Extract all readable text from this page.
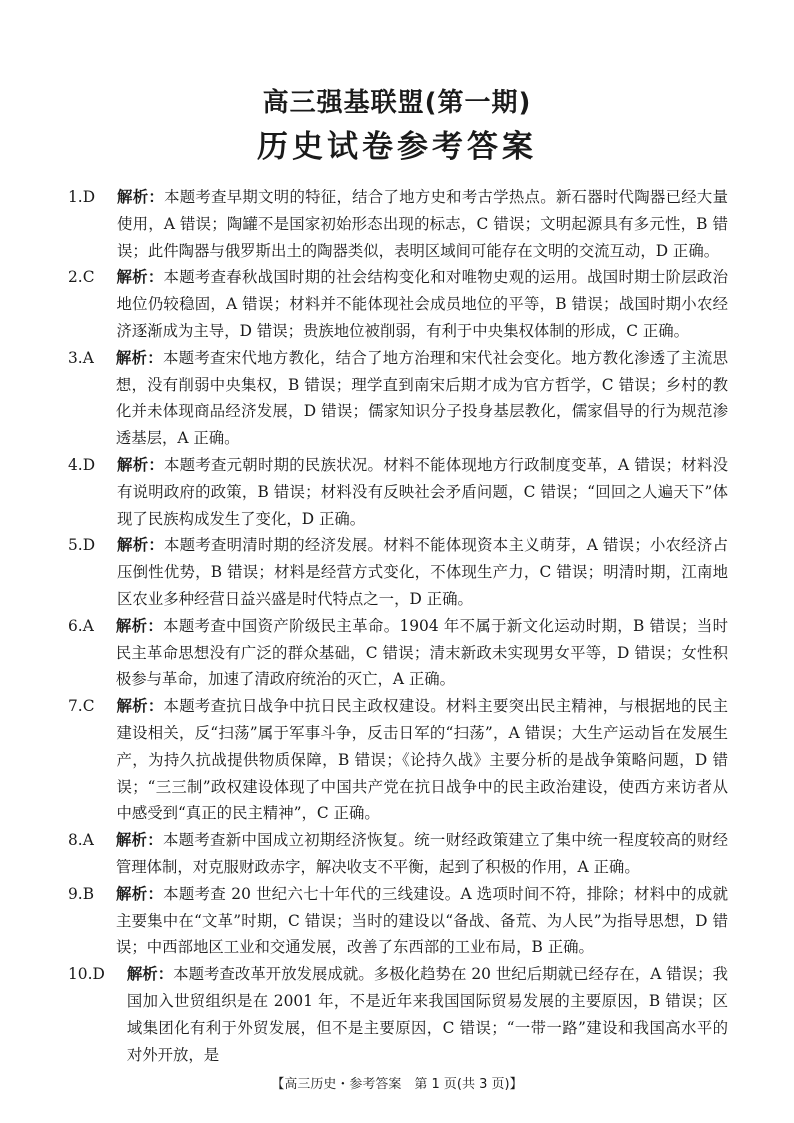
高三强基联盟(第一期)
历史试卷参考答案
1.D	解析：本题考查早期文明的特征，结合了地方史和考古学热点。新石器时代陶器已经大量使用，A 错误；陶罐不是国家初始形态出现的标志，C 错误；文明起源具有多元性，B 错误；此件陶器与俄罗斯出土的陶器类似，表明区域间可能存在文明的交流互动，D 正确。
2.C	解析：本题考查春秋战国时期的社会结构变化和对唯物史观的运用。战国时期士阶层政治地位仍较稳固，A 错误；材料并不能体现社会成员地位的平等，B 错误；战国时期小农经济逐渐成为主导，D 错误；贵族地位被削弱，有利于中央集权体制的形成，C 正确。
3.A	解析：本题考查宋代地方教化，结合了地方治理和宋代社会变化。地方教化渗透了主流思想，没有削弱中央集权，B 错误；理学直到南宋后期才成为官方哲学，C 错误；乡村的教化并未体现商品经济发展，D 错误；儒家知识分子投身基层教化，儒家倡导的行为规范渗透基层，A 正确。
4.D	解析：本题考查元朝时期的民族状况。材料不能体现地方行政制度变革，A 错误；材料没有说明政府的政策，B 错误；材料没有反映社会矛盾问题，C 错误；“回回之人遍天下”体现了民族构成发生了变化，D 正确。
5.D	解析：本题考查明清时期的经济发展。材料不能体现资本主义萌芽，A 错误；小农经济占压倒性优势，B 错误；材料是经营方式变化，不体现生产力，C 错误；明清时期，江南地区农业多种经营日益兴盛是时代特点之一，D 正确。
6.A	解析：本题考查中国资产阶级民主革命。1904 年不属于新文化运动时期，B 错误；当时民主革命思想没有广泛的群众基础，C 错误；清末新政未实现男女平等，D 错误；女性积极参与革命，加速了清政府统治的灭亡，A 正确。
7.C	解析：本题考查抗日战争中抗日民主政权建设。材料主要突出民主精神，与根据地的民主建设相关，反“扫荡”属于军事斗争，反击日军的“扫荡”，A 错误；大生产运动旨在发展生产，为持久抗战提供物质保障，B 错误；《论持久战》主要分析的是战争策略问题，D 错误；“三三制”政权建设体现了中国共产党在抗日战争中的民主政治建设，使西方来访者从中感受到“真正的民主精神”，C 正确。
8.A	解析：本题考查新中国成立初期经济恢复。统一财经政策建立了集中统一程度较高的财经管理体制，对克服财政赤字，解决收支不平衡，起到了积极的作用，A 正确。
9.B	解析：本题考查 20 世纪六七十年代的三线建设。A 选项时间不符，排除；材料中的成就主要集中在“文革”时期，C 错误；当时的建设以“备战、备荒、为人民”为指导思想，D 错误；中西部地区工业和交通发展，改善了东西部的工业布局，B 正确。
10.D	解析：本题考查改革开放发展成就。多极化趋势在 20 世纪后期就已经存在，A 错误；我国加入世贸组织是在 2001 年，不是近年来我国国际贸易发展的主要原因，B 错误；区域集团化有利于外贸发展，但不是主要原因，C 错误；“一带一路”建设和我国高水平的对外开放，是
【高三历史・参考答案　第 1 页(共 3 页)】
